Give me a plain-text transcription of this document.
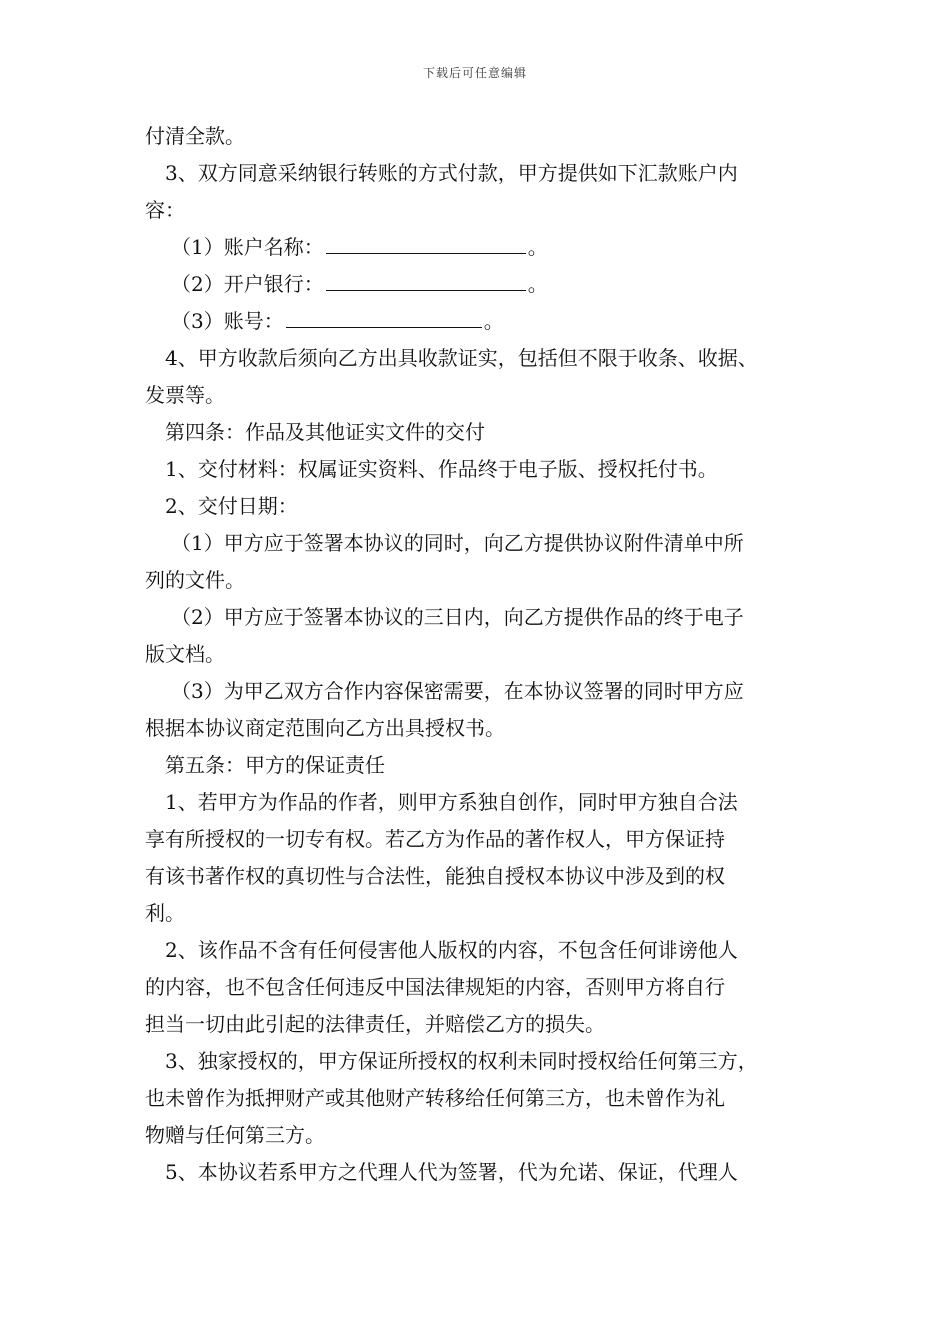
下载后可任意编辑
付清全款。
3、双方同意采纳银行转账的方式付款，甲方提供如下汇款账户内
容：
（1）账户名称：	。
（2）开户银行：	。
（3）账号：	。
4、甲方收款后须向乙方出具收款证实，包括但不限于收条、收据、
发票等。
第四条：作品及其他证实文件的交付
1、交付材料：权属证实资料、作品终于电子版、授权托付书。
2、交付日期：
（1）甲方应于签署本协议的同时，向乙方提供协议附件清单中所
列的文件。
（2）甲方应于签署本协议的三日内，向乙方提供作品的终于电子
版文档。
（3）为甲乙双方合作内容保密需要，在本协议签署的同时甲方应
根据本协议商定范围向乙方出具授权书。
第五条：甲方的保证责任
1、若甲方为作品的作者，则甲方系独自创作，同时甲方独自合法
享有所授权的一切专有权。若乙方为作品的著作权人，甲方保证持
有该书著作权的真切性与合法性，能独自授权本协议中涉及到的权
利。
2、该作品不含有任何侵害他人版权的内容，不包含任何诽谤他人
的内容，也不包含任何违反中国法律规矩的内容，否则甲方将自行
担当一切由此引起的法律责任，并赔偿乙方的损失。
3、独家授权的，甲方保证所授权的权利未同时授权给任何第三方，
也未曾作为抵押财产或其他财产转移给任何第三方，也未曾作为礼
物赠与任何第三方。
5、本协议若系甲方之代理人代为签署，代为允诺、保证，代理人
